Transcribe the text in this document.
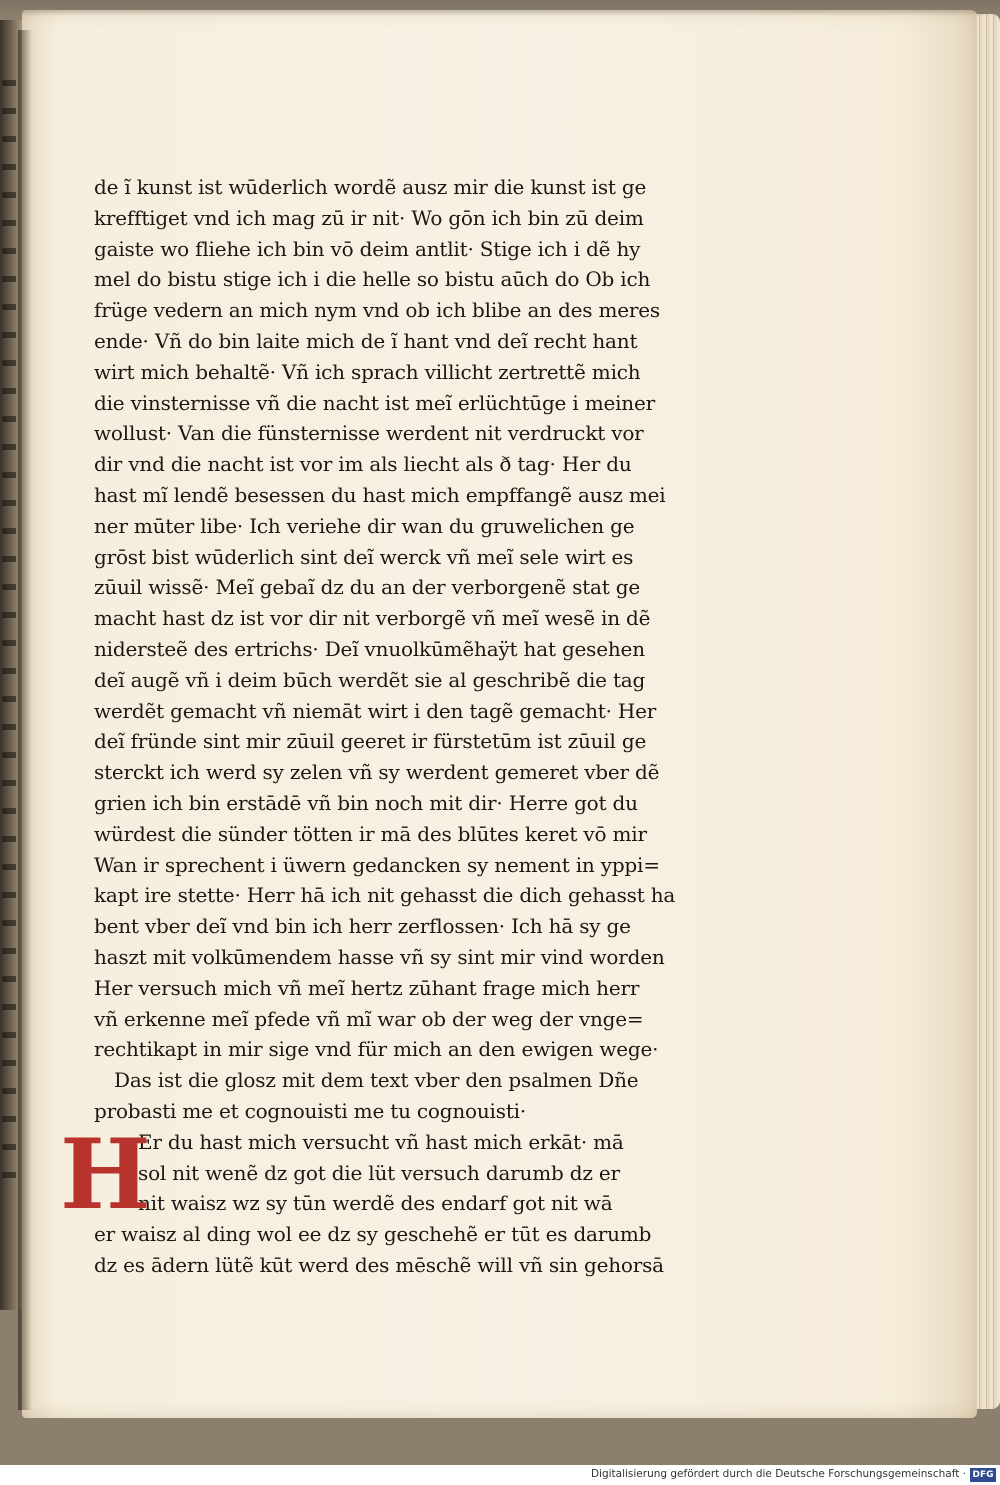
de ĩ kunst ist wūderlich wordẽ ausz mir die kunst ist ge
krefftiget vnd ich mag zū ir nit· Wo gōn ich bin zū deim
gaiste wo fliehe ich bin vō deim antlit· Stige ich i dẽ hy
mel do bistu stige ich i die helle so bistu aūch do Ob ich
früge vedern an mich nym vnd ob ich blibe an des meres
ende· Vñ do bin laite mich de ĩ hant vnd deĩ recht hant
wirt mich behaltẽ· Vñ ich sprach villicht zertrettẽ mich
die vinsternisse vñ die nacht ist meĩ erlüchtūge i meiner
wollust· Van die fünsternisse werdent nit verdruckt vor
dir vnd die nacht ist vor im als liecht als ð tag· Her du
hast mĩ lendẽ besessen du hast mich empffangẽ ausz mei
ner mūter libe· Ich veriehe dir wan du gruwelichen ge
grōst bist wūderlich sint deĩ werck vñ meĩ sele wirt es
zūuil wissẽ· Meĩ gebaĩ dz du an der verborgenẽ stat ge
macht hast dz ist vor dir nit verborgẽ vñ meĩ wesẽ in dẽ
nidersteẽ des ertrichs· Deĩ vnuolkūmẽhaÿt hat gesehen
deĩ augẽ vñ i deim būch werdẽt sie al geschribẽ die tag
werdẽt gemacht vñ niemāt wirt i den tagẽ gemacht· Her
deĩ fründe sint mir zūuil geeret ir fürstetūm ist zūuil ge
sterckt ich werd sy zelen vñ sy werdent gemeret vber dẽ
grien ich bin erstādē vñ bin noch mit dir· Herre got du
würdest die sünder tötten ir mā des blūtes keret vō mir
Wan ir sprechent i üwern gedancken sy nement in yppi=
kapt ire stette· Herr hā ich nit gehasst die dich gehasst ha
bent vber deĩ vnd bin ich herr zerflossen· Ich hā sy ge
haszt mit volkūmendem hasse vñ sy sint mir vind worden
Her versuch mich vñ meĩ hertz zūhant frage mich herr
vñ erkenne meĩ pfede vñ mĩ war ob der weg der vnge=
rechtikapt in mir sige vnd für mich an den ewigen wege·
Das ist die glosz mit dem text vber den psalmen Dñe
probasti me et cognouisti me tu cognouisti·
H
Er du hast mich versucht vñ hast mich erkāt· mā
sol nit wenẽ dz got die lüt versuch darumb dz er
nit waisz wz sy tūn werdẽ des endarf got nit wā
er waisz al ding wol ee dz sy geschehẽ er tūt es darumb
dz es ādern lütẽ kūt werd des mēschẽ will vñ sin gehorsā
Digitalisierung gefördert durch die Deutsche Forschungsgemeinschaft · DFG
